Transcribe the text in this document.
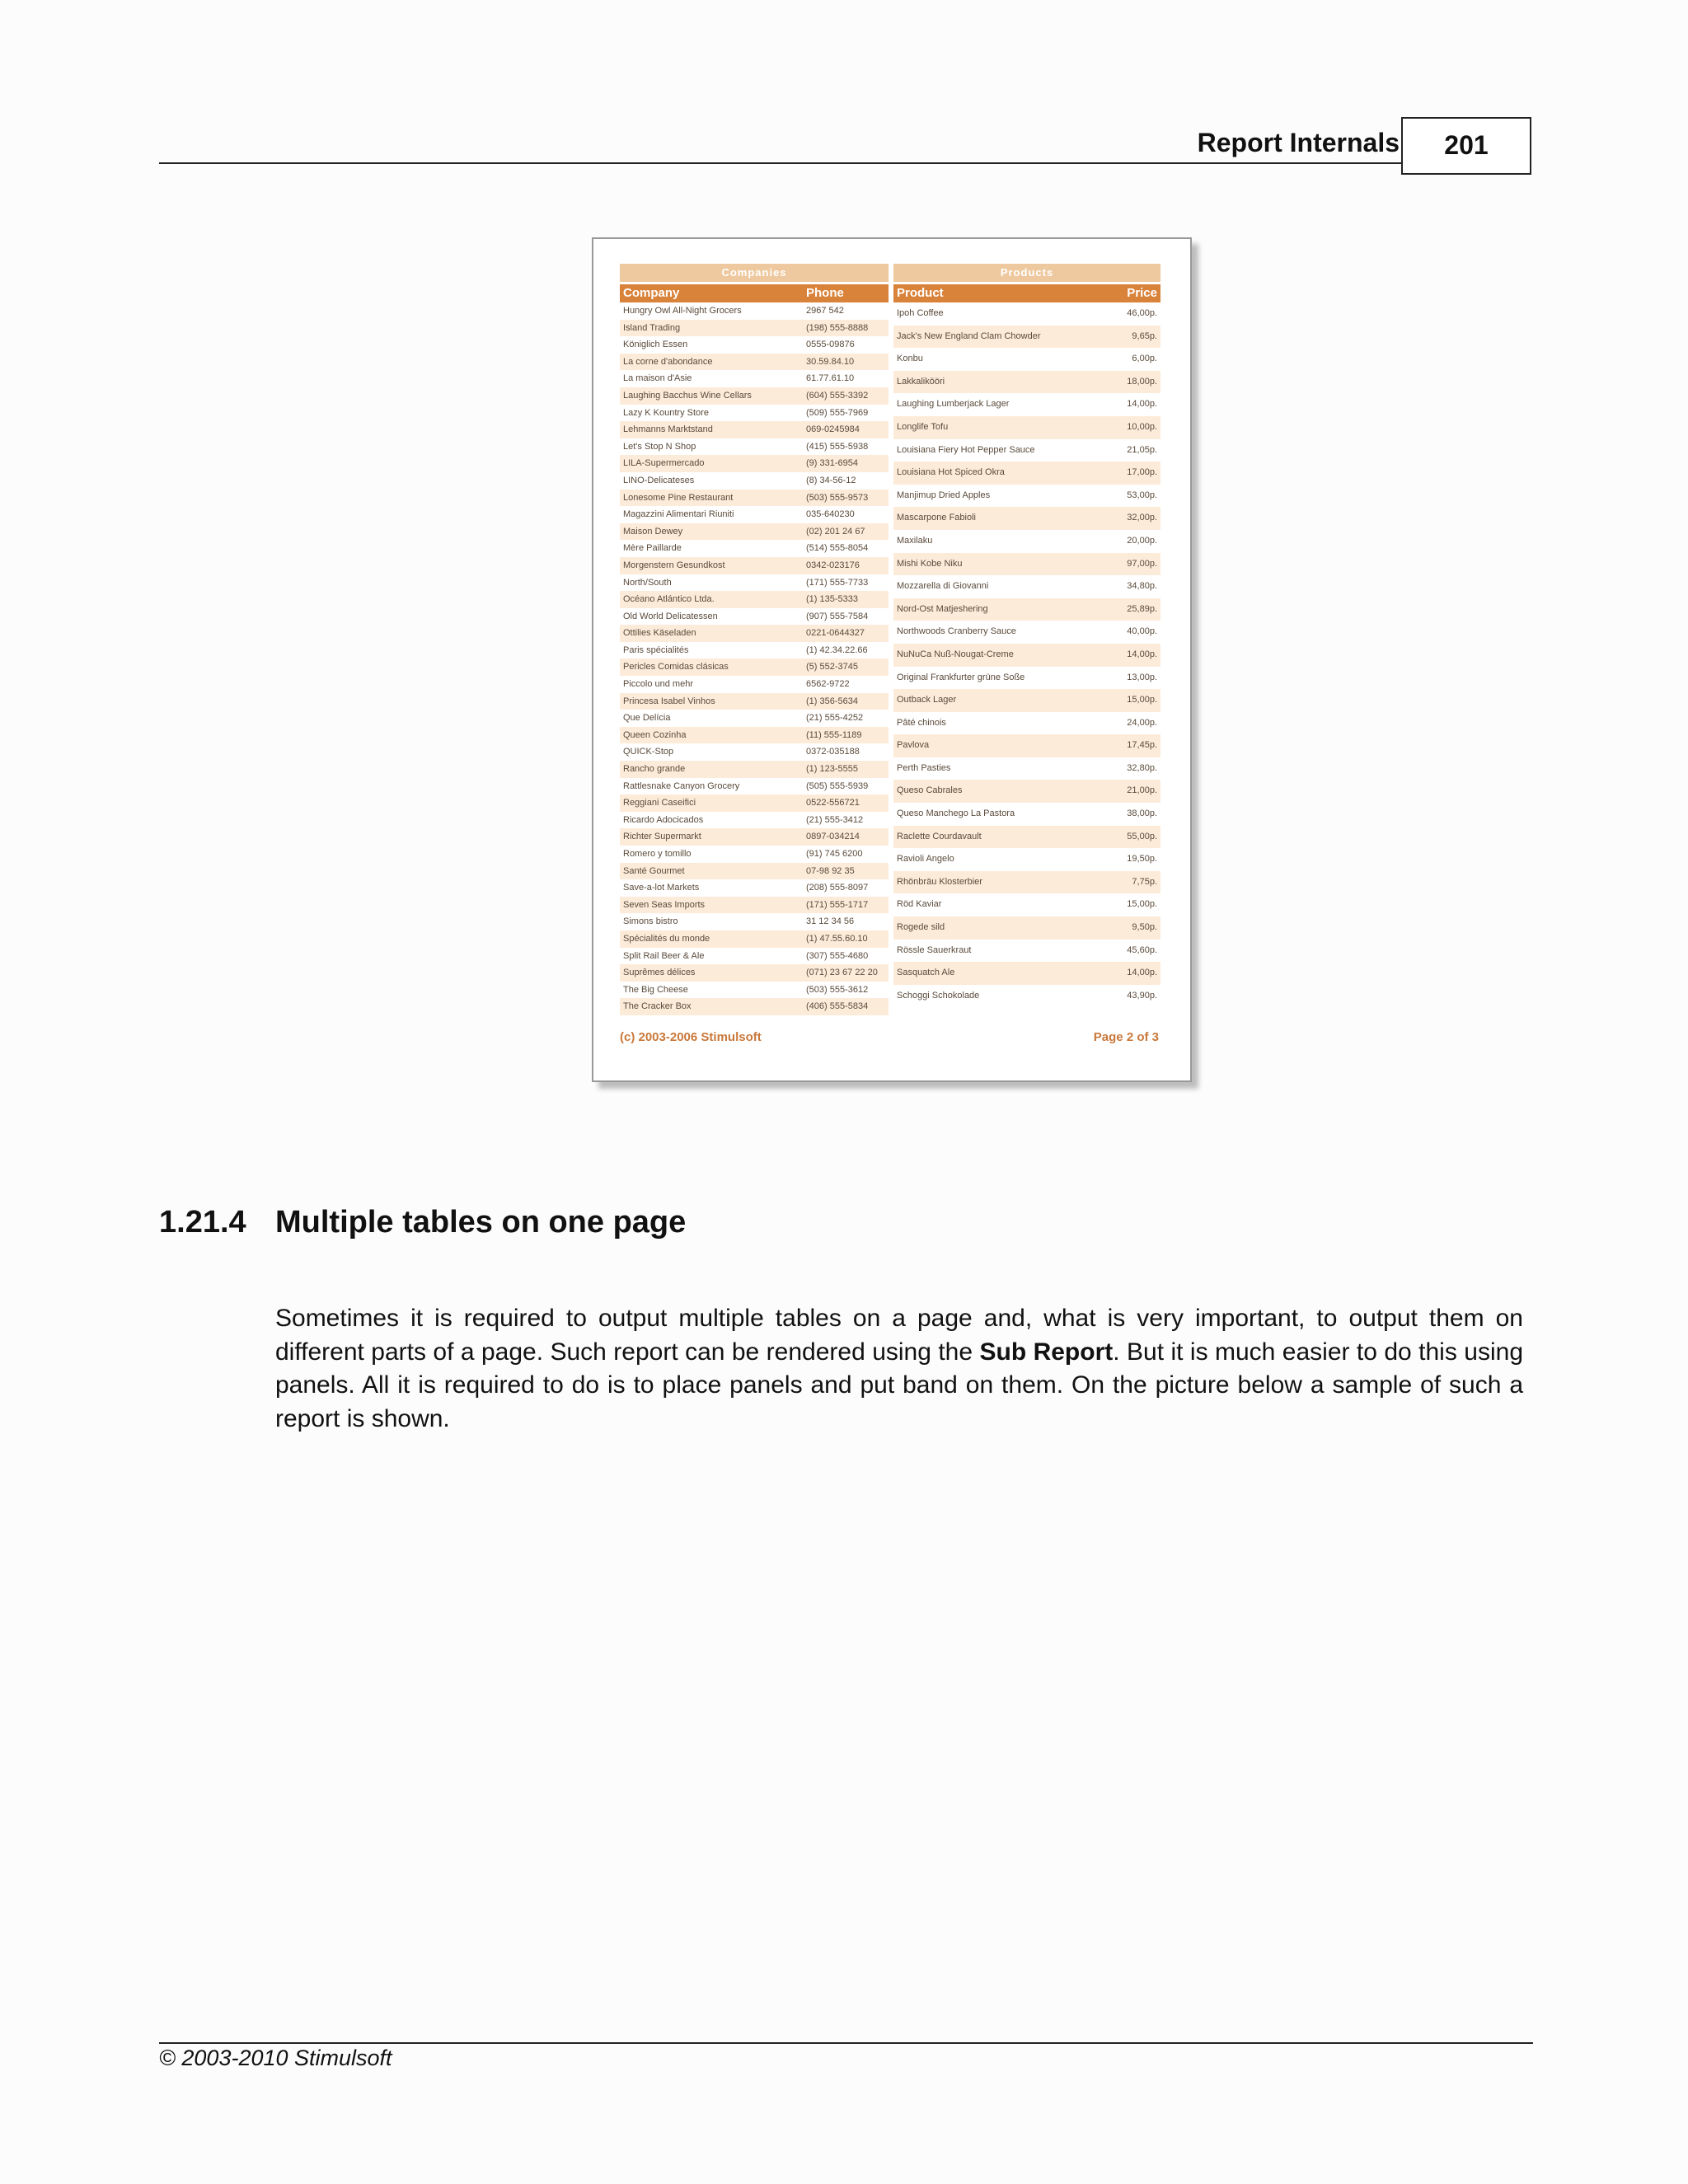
Report Internals	201
Companies
Company	Phone
Hungry Owl All-Night Grocers	2967 542
Island Trading	(198) 555-8888
Königlich Essen	0555-09876
La corne d'abondance	30.59.84.10
La maison d'Asie	61.77.61.10
Laughing Bacchus Wine Cellars	(604) 555-3392
Lazy K Kountry Store	(509) 555-7969
Lehmanns Marktstand	069-0245984
Let's Stop N Shop	(415) 555-5938
LILA-Supermercado	(9) 331-6954
LINO-Delicateses	(8) 34-56-12
Lonesome Pine Restaurant	(503) 555-9573
Magazzini Alimentari Riuniti	035-640230
Maison Dewey	(02) 201 24 67
Mère Paillarde	(514) 555-8054
Morgenstern Gesundkost	0342-023176
North/South	(171) 555-7733
Océano Atlántico Ltda.	(1) 135-5333
Old World Delicatessen	(907) 555-7584
Ottilies Käseladen	0221-0644327
Paris spécialités	(1) 42.34.22.66
Pericles Comidas clásicas	(5) 552-3745
Piccolo und mehr	6562-9722
Princesa Isabel Vinhos	(1) 356-5634
Que Delícia	(21) 555-4252
Queen Cozinha	(11) 555-1189
QUICK-Stop	0372-035188
Rancho grande	(1) 123-5555
Rattlesnake Canyon Grocery	(505) 555-5939
Reggiani Caseifici	0522-556721
Ricardo Adocicados	(21) 555-3412
Richter Supermarkt	0897-034214
Romero y tomillo	(91) 745 6200
Santé Gourmet	07-98 92 35
Save-a-lot Markets	(208) 555-8097
Seven Seas Imports	(171) 555-1717
Simons bistro	31 12 34 56
Spécialités du monde	(1) 47.55.60.10
Split Rail Beer & Ale	(307) 555-4680
Suprêmes délices	(071) 23 67 22 20
The Big Cheese	(503) 555-3612
The Cracker Box	(406) 555-5834
Products
Product	Price
Ipoh Coffee	46,00p.
Jack's New England Clam Chowder	9,65p.
Konbu	6,00p.
Lakkalikööri	18,00p.
Laughing Lumberjack Lager	14,00p.
Longlife Tofu	10,00p.
Louisiana Fiery Hot Pepper Sauce	21,05p.
Louisiana Hot Spiced Okra	17,00p.
Manjimup Dried Apples	53,00p.
Mascarpone Fabioli	32,00p.
Maxilaku	20,00p.
Mishi Kobe Niku	97,00p.
Mozzarella di Giovanni	34,80p.
Nord-Ost Matjeshering	25,89p.
Northwoods Cranberry Sauce	40,00p.
NuNuCa Nuß-Nougat-Creme	14,00p.
Original Frankfurter grüne Soße	13,00p.
Outback Lager	15,00p.
Pâté chinois	24,00p.
Pavlova	17,45p.
Perth Pasties	32,80p.
Queso Cabrales	21,00p.
Queso Manchego La Pastora	38,00p.
Raclette Courdavault	55,00p.
Ravioli Angelo	19,50p.
Rhönbräu Klosterbier	7,75p.
Röd Kaviar	15,00p.
Rogede sild	9,50p.
Rössle Sauerkraut	45,60p.
Sasquatch Ale	14,00p.
Schoggi Schokolade	43,90p.
(c) 2003-2006 Stimulsoft	Page 2 of 3
1.21.4 Multiple tables on one page
Sometimes it is required to output multiple tables on a page and, what is very important, to output them on different parts of a page. Such report can be rendered using the Sub Report. But it is much easier to do this using panels. All it is required to do is to place panels and put band on them. On the picture below a sample of such a report is shown.
© 2003-2010 Stimulsoft
